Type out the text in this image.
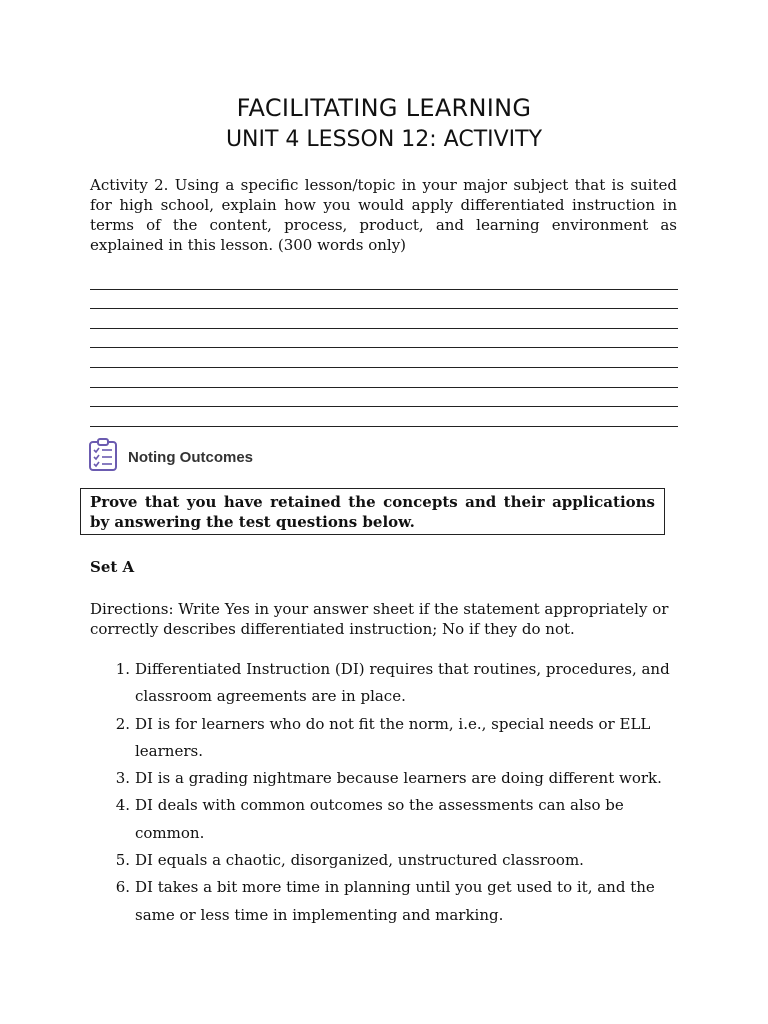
FACILITATING LEARNING
UNIT 4 LESSON 12: ACTIVITY
Activity 2. Using a specific lesson/topic in your major subject that is suited for high school, explain how you would apply differentiated instruction in terms of the content, process, product, and learning environment as explained in this lesson. (300 words only)
Noting Outcomes
Prove that you have retained the concepts and their applications by answering the test questions below.
Set A
Directions: Write Yes in your answer sheet if the statement appropriately or correctly describes differentiated instruction; No if they do not.
1. Differentiated Instruction (DI) requires that routines, procedures, and classroom agreements are in place.
2. DI is for learners who do not fit the norm, i.e., special needs or ELL learners.
3. DI is a grading nightmare because learners are doing different work.
4. DI deals with common outcomes so the assessments can also be common.
5. DI equals a chaotic, disorganized, unstructured classroom.
6. DI takes a bit more time in planning until you get used to it, and the same or less time in implementing and marking.
